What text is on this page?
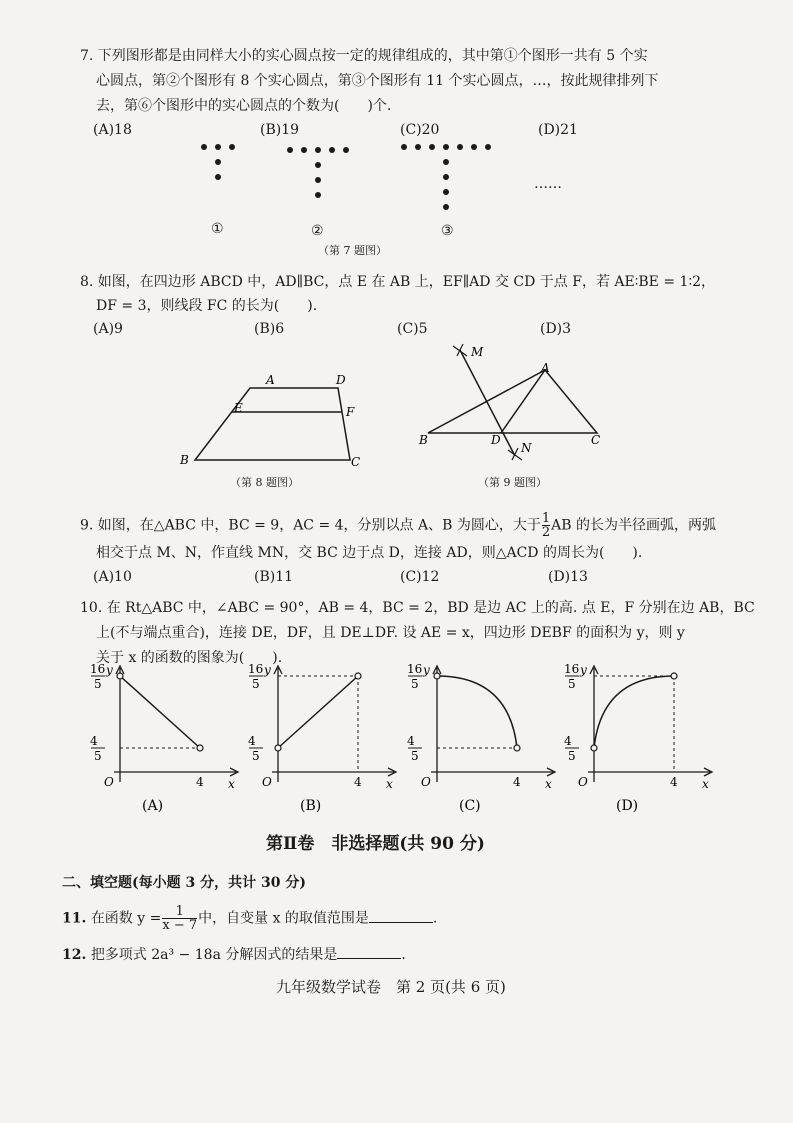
7. 下列图形都是由同样大小的实心圆点按一定的规律组成的，其中第①个图形一共有 5 个实
心圆点，第②个图形有 8 个实心圆点，第③个图形有 11 个实心圆点，…，按此规律排列下
去，第⑥个图形中的实心圆点的个数为(　　)个.
(A)18	(B)19	(C)20	(D)21
……
①	②	③
（第 7 题图）
8. 如图，在四边形 ABCD 中，AD∥BC，点 E 在 AB 上，EF∥AD 交 CD 于点 F，若 AE∶BE = 1∶2，
DF = 3，则线段 FC 的长为(　　).
(A)9	(B)6	(C)5	(D)3
A	D
E	F
B	C
（第 8 题图）
M
A
B	D	C
N
（第 9 题图）
9. 如图，在△ABC 中，BC = 9，AC = 4，分别以点 A、B 为圆心，大于 $\frac{1}{2}$ AB 的长为半径画弧，两弧
相交于点 M、N，作直线 MN，交 BC 边于点 D，连接 AD，则△ACD 的周长为(　　).
(A)10	(B)11	(C)12	(D)13
10. 在 Rt△ABC 中，∠ABC = 90°，AB = 4，BC = 2，BD 是边 AC 上的高. 点 E，F 分别在边 AB，BC
上(不与端点重合)，连接 DE，DF，且 DE⊥DF. 设 AE = x，四边形 DEBF 的面积为 y，则 y
关于 x 的函数的图象为(　　).
y
x
O	4
16
5
4
5
(A)
y
x
O	4
16
5
4
5
(B)
y
x
O	4
16
5
4
5
(C)
y
x
O	4
16
5
4
5
(D)
第Ⅱ卷　非选择题(共 90 分)
二、填空题(每小题 3 分，共计 30 分)
11. 在函数 $y = \frac{1}{x - 7}$ 中，自变量 x 的取值范围是	.
12. 把多项式 2a³ − 18a 分解因式的结果是	.
九年级数学试卷　第 2 页(共 6 页)
